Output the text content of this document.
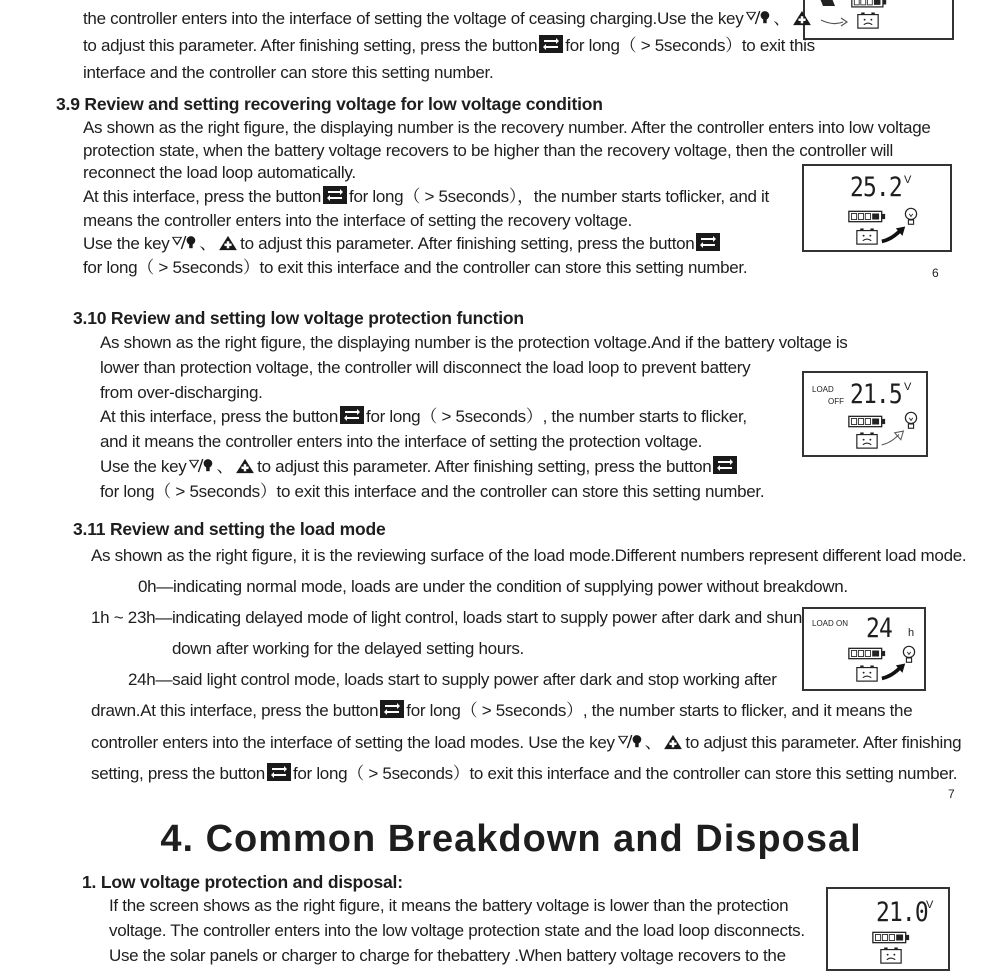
the controller enters into the interface of setting the voltage of ceasing charging.Use the key 、
to adjust this parameter. After finishing setting, press the button for long（ > 5seconds）to exit this
interface and the controller can store this setting number.
3.9 Review and setting recovering voltage for low voltage condition
As shown as the right figure, the displaying number is the recovery number. After the controller enters into low voltage
protection state, when the battery voltage recovers to be higher than the recovery voltage, then the controller will
reconnect the load loop automatically.
At this interface, press the button for long（ > 5seconds），the number starts toflicker, and it
means the controller enters into the interface of setting the recovery voltage.
Use the key 、 to adjust this parameter. After finishing setting, press the button
for long（ > 5seconds）to exit this interface and the controller can store this setting number.
25.2 V
6
3.10 Review and setting low voltage protection function
As shown as the right figure, the displaying number is the protection voltage.And if the battery voltage is
lower than protection voltage, the controller will disconnect the load loop to prevent battery
from over-discharging.
At this interface, press the button for long（ > 5seconds）, the number starts to flicker,
and it means the controller enters into the interface of setting the protection voltage.
Use the key 、 to adjust this parameter. After finishing setting, press the button
for long（ > 5seconds）to exit this interface and the controller can store this setting number.
LOAD
OFF 21.5 V
3.11 Review and setting the load mode
As shown as the right figure, it is the reviewing surface of the load mode.Different numbers represent different load mode.
0h—indicating normal mode, loads are under the condition of supplying power without breakdown.
1h ~ 23h—indicating delayed mode of light control, loads start to supply power after dark and shun
down after working for the delayed setting hours.
24h—said light control mode, loads start to supply power after dark and stop working after
drawn.At this interface, press the button for long（ > 5seconds）, the number starts to flicker, and it means the
controller enters into the interface of setting the load modes. Use the key 、 to adjust this parameter. After finishing
setting, press the button for long（ > 5seconds）to exit this interface and the controller can store this setting number.
LOAD ON 24 h
7
4. Common Breakdown and Disposal
1. Low voltage protection and disposal:
If the screen shows as the right figure, it means the battery voltage is lower than the protection
voltage. The controller enters into the low voltage protection state and the load loop disconnects.
Use the solar panels or charger to charge for thebattery .When battery voltage recovers to the
21.0
V
